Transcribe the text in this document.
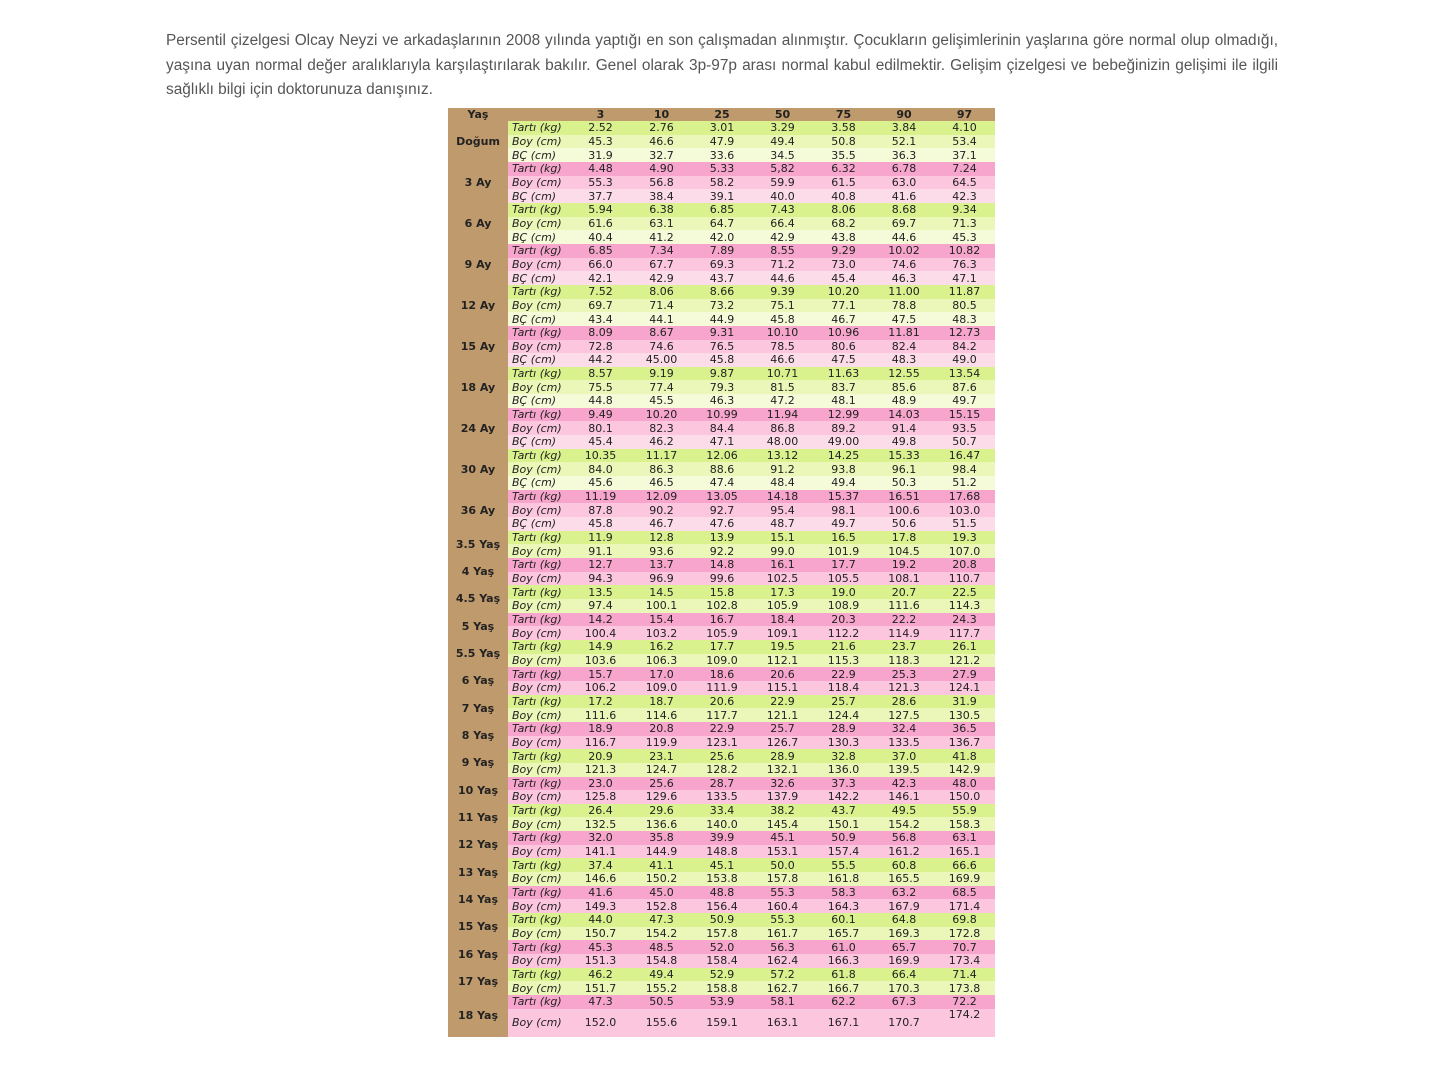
Persentil çizelgesi Olcay Neyzi ve arkadaşlarının 2008 yılında yaptığı en son çalışmadan alınmıştır. Çocukların gelişimlerinin yaşlarına göre normal olup olmadığı, yaşına uyan normal değer aralıklarıyla karşılaştırılarak bakılır. Genel olarak 3p-97p arası normal kabul edilmektir. Gelişim çizelgesi ve bebeğinizin gelişimi ile ilgili sağlıklı bilgi için doktorunuza danışınız.

Yaş		3	10	25	50	75	90	97
Doğum	Tartı (kg)	2.52	2.76	3.01	3.29	3.58	3.84	4.10
	Boy (cm)	45.3	46.6	47.9	49.4	50.8	52.1	53.4
	BÇ (cm)	31.9	32.7	33.6	34.5	35.5	36.3	37.1
3 Ay	Tartı (kg)	4.48	4.90	5.33	5,82	6.32	6.78	7.24
	Boy (cm)	55.3	56.8	58.2	59.9	61.5	63.0	64.5
	BÇ (cm)	37.7	38.4	39.1	40.0	40.8	41.6	42.3
6 Ay	Tartı (kg)	5.94	6.38	6.85	7.43	8.06	8.68	9.34
	Boy (cm)	61.6	63.1	64.7	66.4	68.2	69.7	71.3
	BÇ (cm)	40.4	41.2	42.0	42.9	43.8	44.6	45.3
9 Ay	Tartı (kg)	6.85	7.34	7.89	8.55	9.29	10.02	10.82
	Boy (cm)	66.0	67.7	69.3	71.2	73.0	74.6	76.3
	BÇ (cm)	42.1	42.9	43.7	44.6	45.4	46.3	47.1
12 Ay	Tartı (kg)	7.52	8.06	8.66	9.39	10.20	11.00	11.87
	Boy (cm)	69.7	71.4	73.2	75.1	77.1	78.8	80.5
	BÇ (cm)	43.4	44.1	44.9	45.8	46.7	47.5	48.3
15 Ay	Tartı (kg)	8.09	8.67	9.31	10.10	10.96	11.81	12.73
	Boy (cm)	72.8	74.6	76.5	78.5	80.6	82.4	84.2
	BÇ (cm)	44.2	45.00	45.8	46.6	47.5	48.3	49.0
18 Ay	Tartı (kg)	8.57	9.19	9.87	10.71	11.63	12.55	13.54
	Boy (cm)	75.5	77.4	79.3	81.5	83.7	85.6	87.6
	BÇ (cm)	44.8	45.5	46.3	47.2	48.1	48.9	49.7
24 Ay	Tartı (kg)	9.49	10.20	10.99	11.94	12.99	14.03	15.15
	Boy (cm)	80.1	82.3	84.4	86.8	89.2	91.4	93.5
	BÇ (cm)	45.4	46.2	47.1	48.00	49.00	49.8	50.7
30 Ay	Tartı (kg)	10.35	11.17	12.06	13.12	14.25	15.33	16.47
	Boy (cm)	84.0	86.3	88.6	91.2	93.8	96.1	98.4
	BÇ (cm)	45.6	46.5	47.4	48.4	49.4	50.3	51.2
36 Ay	Tartı (kg)	11.19	12.09	13.05	14.18	15.37	16.51	17.68
	Boy (cm)	87.8	90.2	92.7	95.4	98.1	100.6	103.0
	BÇ (cm)	45.8	46.7	47.6	48.7	49.7	50.6	51.5
3.5 Yaş	Tartı (kg)	11.9	12.8	13.9	15.1	16.5	17.8	19.3
	Boy (cm)	91.1	93.6	92.2	99.0	101.9	104.5	107.0
4 Yaş	Tartı (kg)	12.7	13.7	14.8	16.1	17.7	19.2	20.8
	Boy (cm)	94.3	96.9	99.6	102.5	105.5	108.1	110.7
4.5 Yaş	Tartı (kg)	13.5	14.5	15.8	17.3	19.0	20.7	22.5
	Boy (cm)	97.4	100.1	102.8	105.9	108.9	111.6	114.3
5 Yaş	Tartı (kg)	14.2	15.4	16.7	18.4	20.3	22.2	24.3
	Boy (cm)	100.4	103.2	105.9	109.1	112.2	114.9	117.7
5.5 Yaş	Tartı (kg)	14.9	16.2	17.7	19.5	21.6	23.7	26.1
	Boy (cm)	103.6	106.3	109.0	112.1	115.3	118.3	121.2
6 Yaş	Tartı (kg)	15.7	17.0	18.6	20.6	22.9	25.3	27.9
	Boy (cm)	106.2	109.0	111.9	115.1	118.4	121.3	124.1
7 Yaş	Tartı (kg)	17.2	18.7	20.6	22.9	25.7	28.6	31.9
	Boy (cm)	111.6	114.6	117.7	121.1	124.4	127.5	130.5
8 Yaş	Tartı (kg)	18.9	20.8	22.9	25.7	28.9	32.4	36.5
	Boy (cm)	116.7	119.9	123.1	126.7	130.3	133.5	136.7
9 Yaş	Tartı (kg)	20.9	23.1	25.6	28.9	32.8	37.0	41.8
	Boy (cm)	121.3	124.7	128.2	132.1	136.0	139.5	142.9
10 Yaş	Tartı (kg)	23.0	25.6	28.7	32.6	37.3	42.3	48.0
	Boy (cm)	125.8	129.6	133.5	137.9	142.2	146.1	150.0
11 Yaş	Tartı (kg)	26.4	29.6	33.4	38.2	43.7	49.5	55.9
	Boy (cm)	132.5	136.6	140.0	145.4	150.1	154.2	158.3
12 Yaş	Tartı (kg)	32.0	35.8	39.9	45.1	50.9	56.8	63.1
	Boy (cm)	141.1	144.9	148.8	153.1	157.4	161.2	165.1
13 Yaş	Tartı (kg)	37.4	41.1	45.1	50.0	55.5	60.8	66.6
	Boy (cm)	146.6	150.2	153.8	157.8	161.8	165.5	169.9
14 Yaş	Tartı (kg)	41.6	45.0	48.8	55.3	58.3	63.2	68.5
	Boy (cm)	149.3	152.8	156.4	160.4	164.3	167.9	171.4
15 Yaş	Tartı (kg)	44.0	47.3	50.9	55.3	60.1	64.8	69.8
	Boy (cm)	150.7	154.2	157.8	161.7	165.7	169.3	172.8
16 Yaş	Tartı (kg)	45.3	48.5	52.0	56.3	61.0	65.7	70.7
	Boy (cm)	151.3	154.8	158.4	162.4	166.3	169.9	173.4
17 Yaş	Tartı (kg)	46.2	49.4	52.9	57.2	61.8	66.4	71.4
	Boy (cm)	151.7	155.2	158.8	162.7	166.7	170.3	173.8
18 Yaş	Tartı (kg)	47.3	50.5	53.9	58.1	62.2	67.3	72.2
	Boy (cm)	152.0	155.6	159.1	163.1	167.1	170.7	174.2
